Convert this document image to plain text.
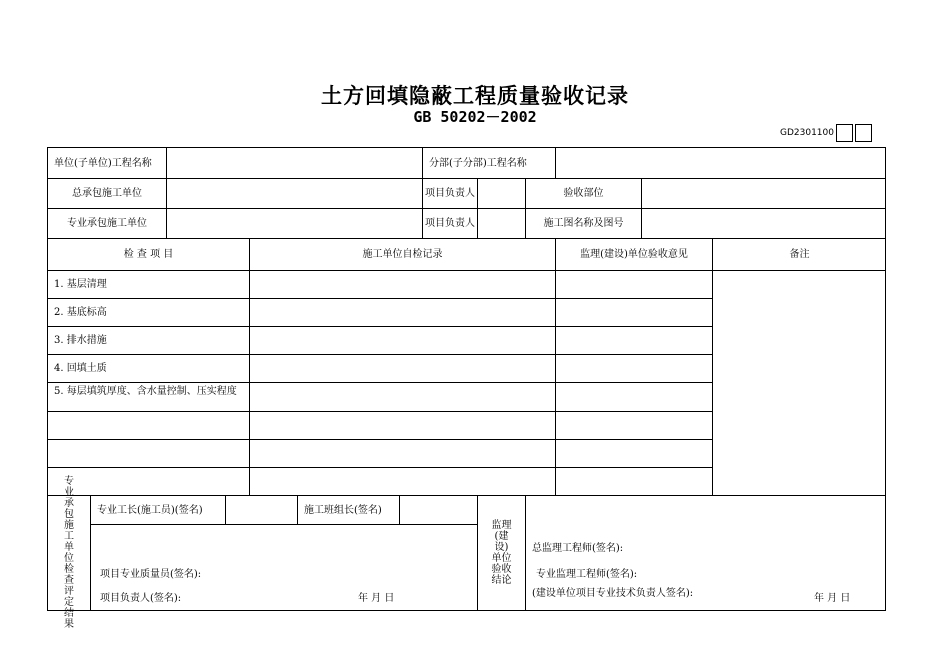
土方回填隐蔽工程质量验收记录
GB 50202－2002
GD2301100
单位(子单位)工程名称	分部(子分部)工程名称
总承包施工单位	项目负责人	验收部位
专业承包施工单位	项目负责人	施工图名称及图号
检 查 项 目	施工单位自检记录	监理(建设)单位验收意见	备注
1. 基层清理
2. 基底标高
3. 排水措施
4. 回填土质
5. 每层填筑厚度、含水量控制、压实程度
专业承包施工单位检查评定结果
专业工长(施工员)(签名)	施工班组长(签名)
项目专业质量员(签名):
项目负责人(签名):	年 月 日
监理(建设)单位验收结论
总监理工程师(签名):
专业监理工程师(签名):
(建设单位项目专业技术负责人签名):	年 月 日
